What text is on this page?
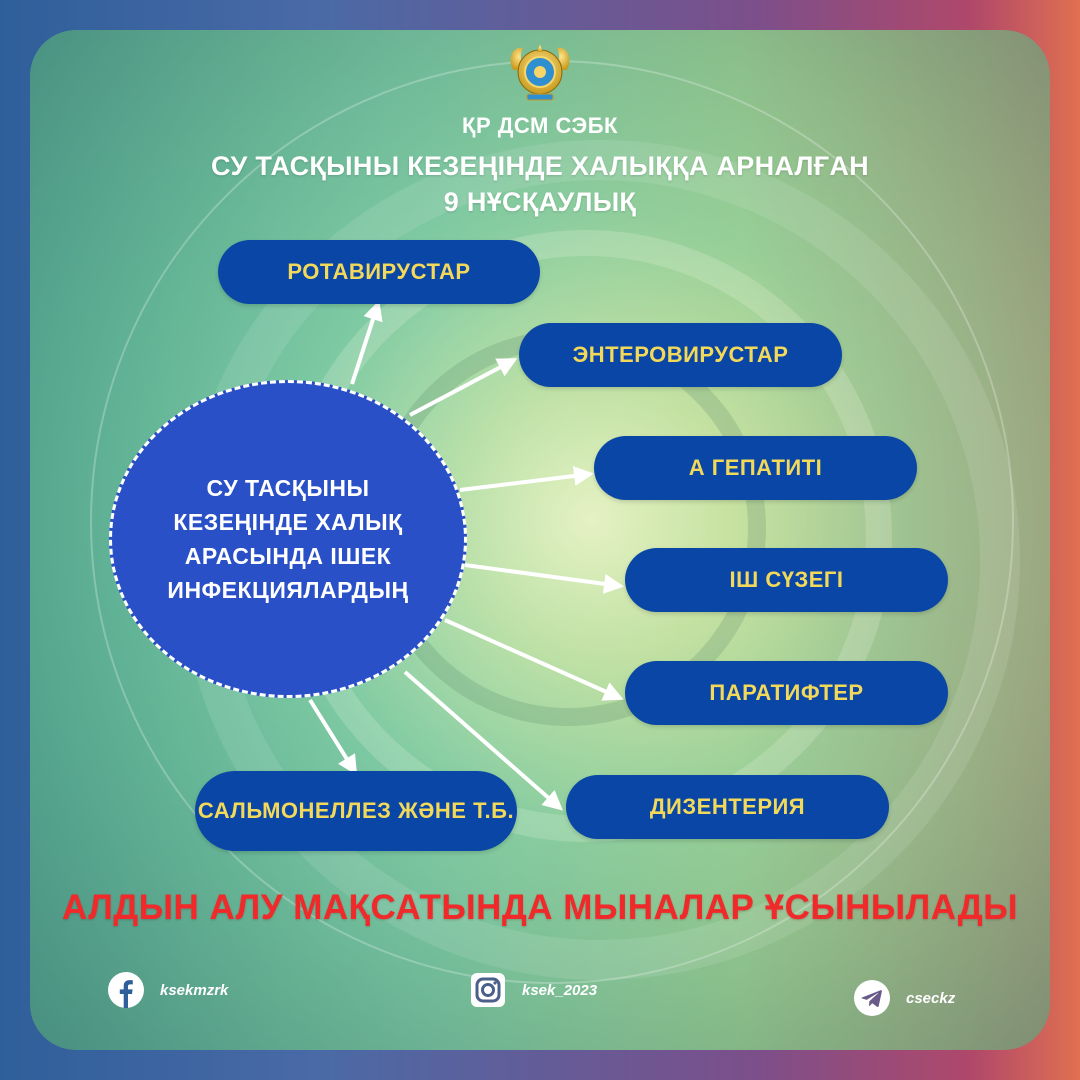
ҚР ДСМ СЭБК
СУ ТАСҚЫНЫ КЕЗЕҢІНДЕ ХАЛЫҚҚА АРНАЛҒАН
9 НҰСҚАУЛЫҚ
СУ ТАСҚЫНЫ КЕЗЕҢІНДЕ ХАЛЫҚ АРАСЫНДА ІШЕК ИНФЕКЦИЯЛАРДЫҢ
РОТАВИРУСТАР
ЭНТЕРОВИРУСТАР
А ГЕПАТИТІ
ІШ СҮЗЕГІ
ПАРАТИФТЕР
ДИЗЕНТЕРИЯ
САЛЬМОНЕЛЛЕЗ ЖӘНЕ Т.Б.
АЛДЫН АЛУ МАҚСАТЫНДА МЫНАЛАР ҰСЫНЫЛАДЫ
ksekmzrk	ksek_2023	cseckz
